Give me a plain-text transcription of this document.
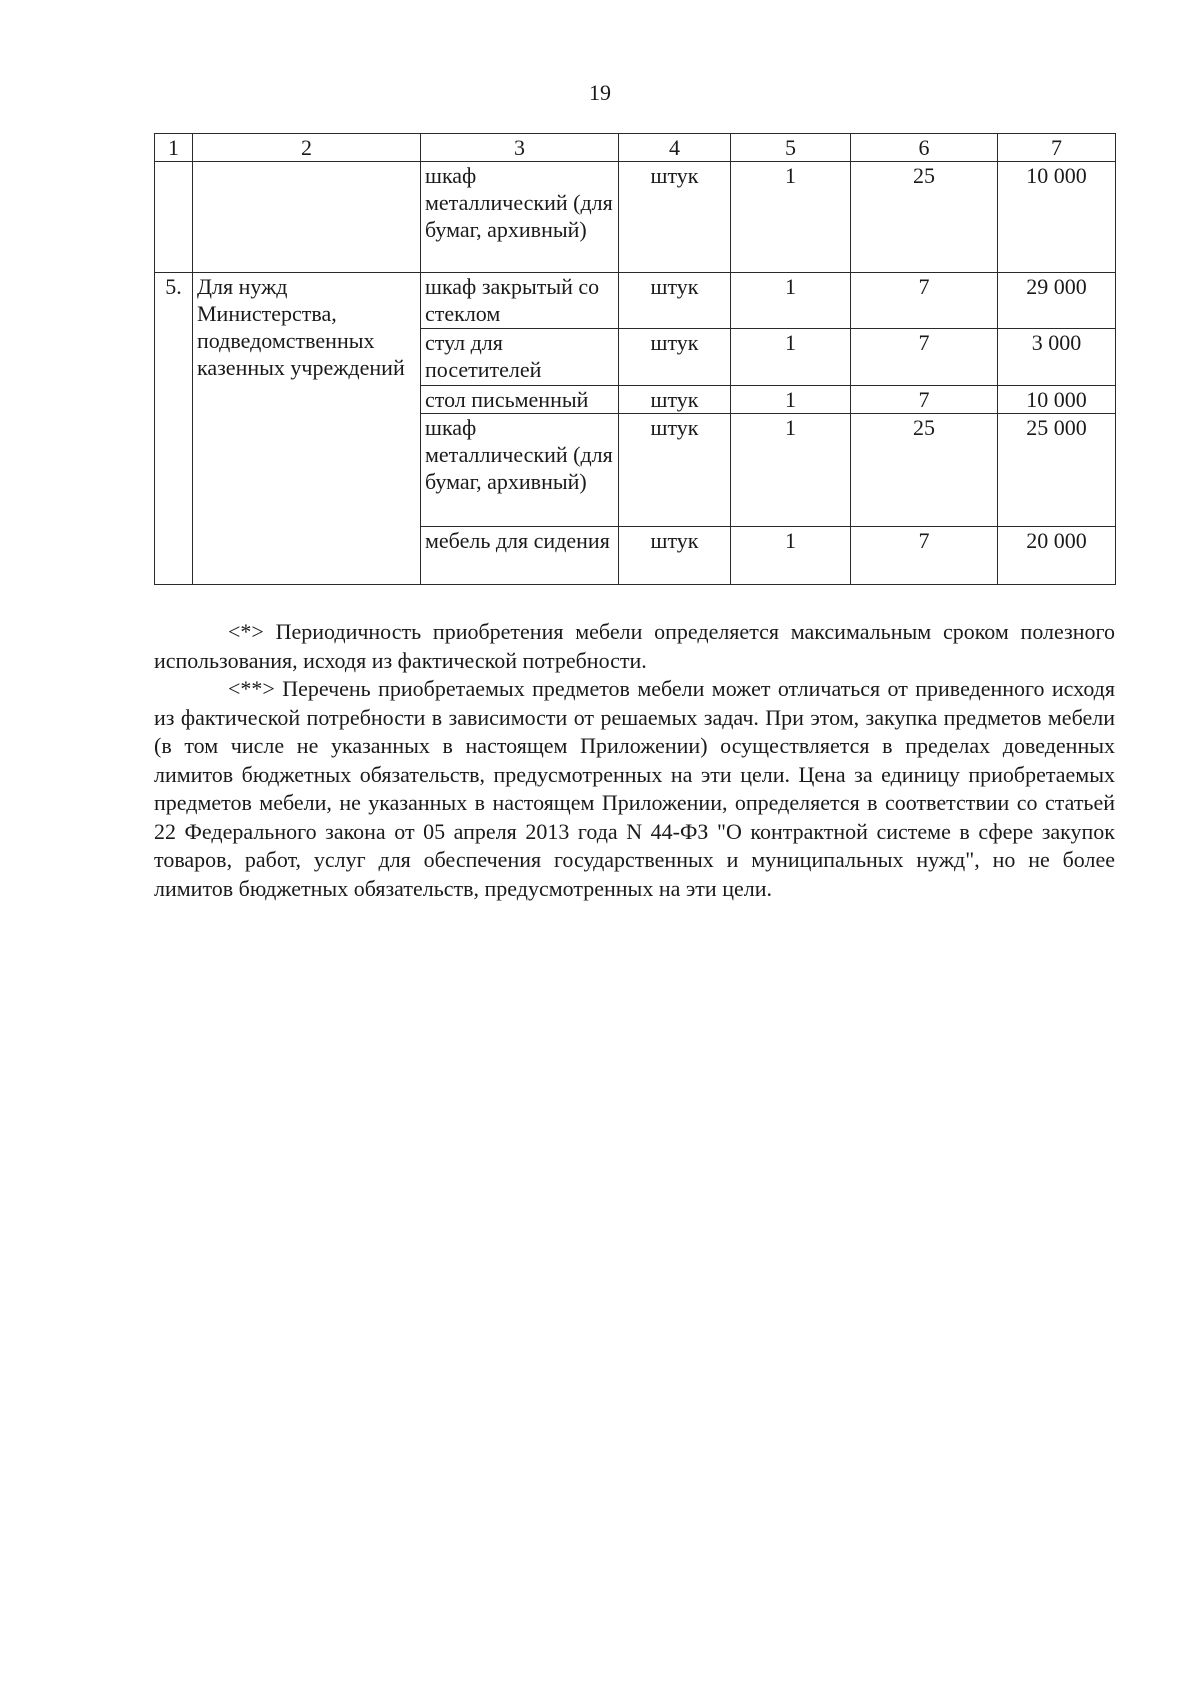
19
1	2	3	4	5	6	7
		шкаф металлический (для бумаг, архивный)	штук	1	25	10 000
5.	Для нужд Министерства, подведомственных казенных учреждений	шкаф закрытый со стеклом	штук	1	7	29 000
		стул для посетителей	штук	1	7	3 000
		стол письменный	штук	1	7	10 000
		шкаф металлический (для бумаг, архивный)	штук	1	25	25 000
		мебель для сидения	штук	1	7	20 000

<*> Периодичность приобретения мебели определяется максимальным сроком полезного использования, исходя из фактической потребности.

<**> Перечень приобретаемых предметов мебели может отличаться от приведенного исходя из фактической потребности в зависимости от решаемых задач. При этом, закупка предметов мебели (в том числе не указанных в настоящем Приложении) осуществляется в пределах доведенных лимитов бюджетных обязательств, предусмотренных на эти цели. Цена за единицу приобретаемых предметов мебели, не указанных в настоящем Приложении, определяется в соответствии со статьей 22 Федерального закона от 05 апреля 2013 года N 44-ФЗ "О контрактной системе в сфере закупок товаров, работ, услуг для обеспечения государственных и муниципальных нужд", но не более лимитов бюджетных обязательств, предусмотренных на эти цели.
